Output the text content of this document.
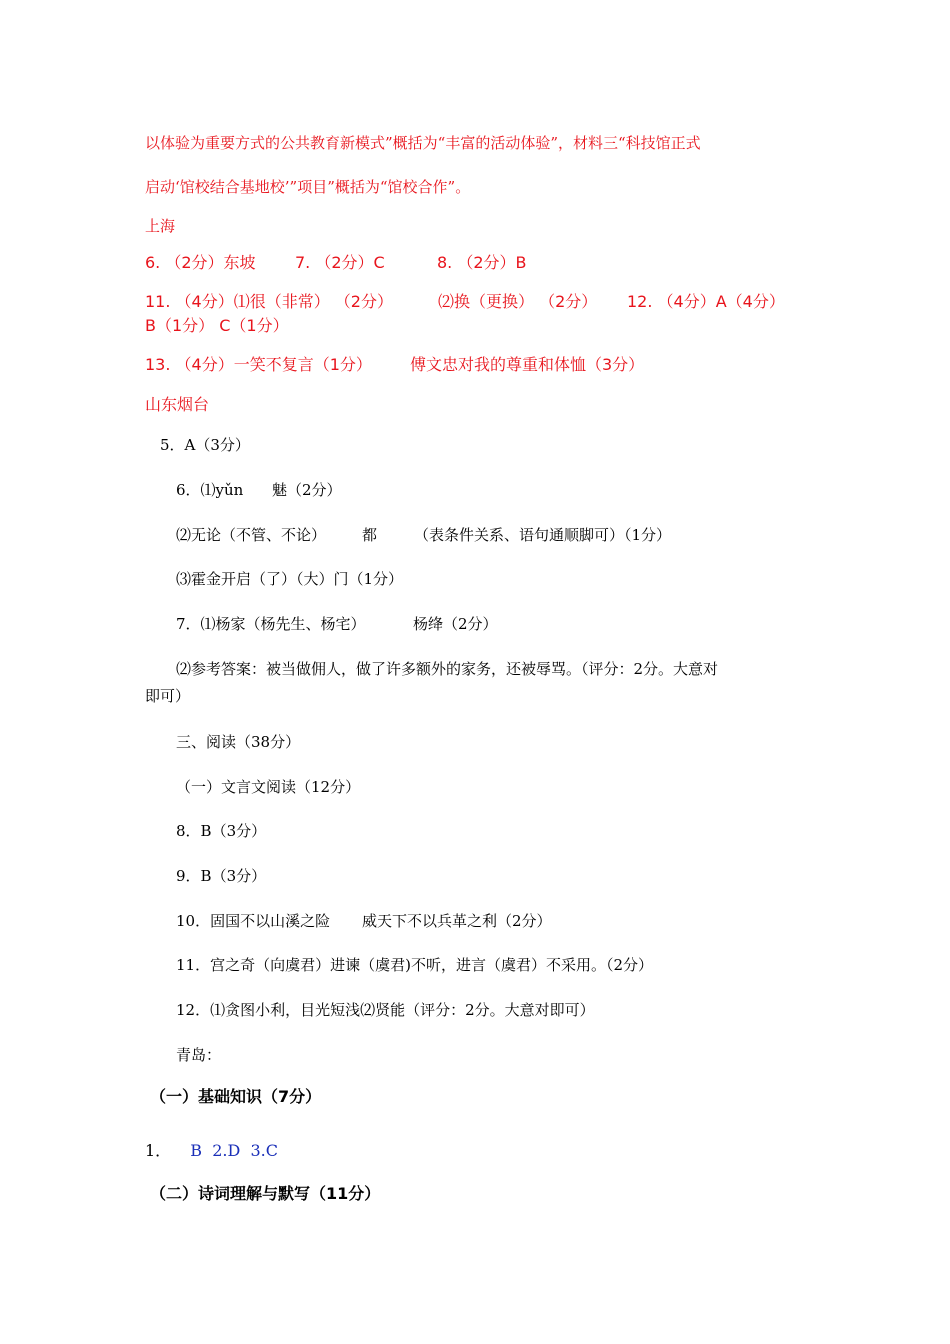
以体验为重要方式的公共教育新模式”概括为“丰富的活动体验”，材料三“科技馆正式
启动‘馆校结合基地校’”项目”概括为“馆校合作”。
上海
6. （2分）东坡 7. （2分）C	8. （2分）B
11. （4分）⑴很（非常） （2分）	⑵换（更换） （2分） 12. （4分）A（4分）
B（1分） C（1分）
13. （4分）一笑不复言（1分） 傅文忠对我的尊重和体恤（3分）
山东烟台
5．A（3分）
6．⑴yǔn 魅（2分）
⑵无论（不管、不论） 都 （表条件关系、语句通顺脚可）（1分）
⑶霍金开启（了）（大）门（1分）
7．⑴杨家（杨先生、杨宅）	杨绛（2分）
⑵参考答案：被当做佣人，做了许多额外的家务，还被辱骂。（评分：2分。大意对
即可）
三、阅读（38分）
（一）文言文阅读（12分）
8．B（3分）
9．B（3分）
10．固国不以山溪之险 威天下不以兵革之利（2分）
11．宫之奇（向虞君）进谏（虞君)不听，进言（虞君）不采用。（2分）
12．⑴贪图小利，目光短浅⑵贤能（评分：2分。大意对即可）
青岛：
（一）基础知识（7分）
1． B  2.D  3.C
（二）诗词理解与默写（11分）
